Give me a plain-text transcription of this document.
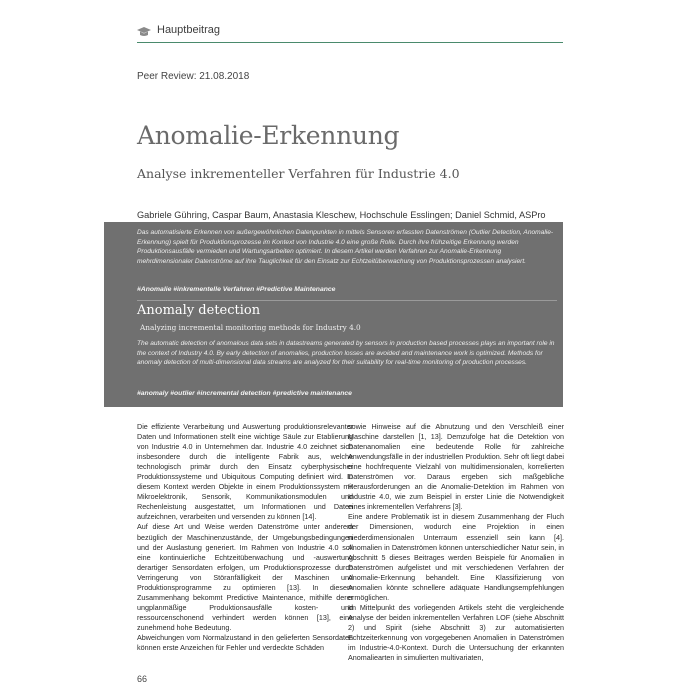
Hauptbeitrag
Peer Review: 21.08.2018
Anomalie-Erkennung
Analyse inkrementeller Verfahren für Industrie 4.0
Gabriele Gühring, Caspar Baum, Anastasia Kleschew, Hochschule Esslingen; Daniel Schmid, ASPro
Das automatisierte Erkennen von außergewöhnlichen Datenpunkten in mittels Sensoren erfassten Datenströmen (Outlier Detection, Anomalie-Erkennung) spielt für Produktionsprozesse im Kontext von Industrie 4.0 eine große Rolle. Durch ihre frühzeitige Erkennung werden Produktionsausfälle vermieden und Wartungsarbeiten optimiert. In diesem Artikel werden Verfahren zur Anomalie-Erkennung mehrdimensionaler Datenströme auf ihre Tauglichkeit für den Einsatz zur Echtzeitüberwachung von Produktionsprozessen analysiert.
#Anomalie #inkrementelle Verfahren #Predictive Maintenance
Anomaly detection
Analyzing incremental monitoring methods for Industry 4.0
The automatic detection of anomalous data sets in datastreams generated by sensors in production based processes plays an important role in the context of Industry 4.0. By early detection of anomalies, production losses are avoided and maintenance work is optimized. Methods for anomaly detection of multi-dimensional data streams are analyzed for their suitability for real-time monitoring of production processes.
#anomaly #outlier #incremental detection #predictive maintenance

Die effiziente Verarbeitung und Auswertung produktionsrelevanter Daten und Informationen stellt eine wichtige Säule zur Etablierung von Industrie 4.0 in Unternehmen dar. Industrie 4.0 zeichnet sich insbesondere durch die intelligente Fabrik aus, welche technologisch primär durch den Einsatz cyberphysischer Produktionssysteme und Ubiquitous Computing definiert wird. In diesem Kontext werden Objekte in einem Produktionssystem mit Mikroelektronik, Sensorik, Kommunikationsmodulen und Rechenleistung ausgestattet, um Informationen und Daten aufzeichnen, verarbeiten und versenden zu können [14].

Auf diese Art und Weise werden Datenströme unter anderem bezüglich der Maschinenzustände, der Umgebungsbedingungen und der Auslastung generiert. Im Rahmen von Industrie 4.0 soll eine kontinuierliche Echtzeitüberwachung und -auswertung derartiger Sensordaten erfolgen, um Produktionsprozesse durch Verringerung von Störanfälligkeit der Maschinen und Produktionsprogramme zu optimieren [13]. In diesem Zusammenhang bekommt Predictive Maintenance, mithilfe derer ungplanmäßige Produktionsausfälle kosten- und ressourcenschonend verhindert werden können [13], eine zunehmend hohe Bedeutung.

Abweichungen vom Normalzustand in den gelieferten Sensordaten können erste Anzeichen für Fehler und verdeckte Schäden

sowie Hinweise auf die Abnutzung und den Verschleiß einer Maschine darstellen [1, 13]. Demzufolge hat die Detektion von Datenanomalien eine bedeutende Rolle für zahlreiche Anwendungsfälle in der industriellen Produktion. Sehr oft liegt dabei eine hochfrequente Vielzahl von multidimensionalen, korrelierten Datenströmen vor. Daraus ergeben sich maßgebliche Herausforderungen an die Anomalie-Detektion im Rahmen von Industrie 4.0, wie zum Beispiel in erster Linie die Notwendigkeit eines inkrementellen Verfahrens [3].

Eine andere Problematik ist in diesem Zusammenhang der Fluch der Dimensionen, wodurch eine Projektion in einen niederdimensionalen Unterraum essenziell sein kann [4]. Anomalien in Datenströmen können unterschiedlicher Natur sein, in Abschnitt 5 dieses Beitrages werden Beispiele für Anomalien in Datenströmen aufgelistet und mit verschiedenen Verfahren der Anomalie-Erkennung behandelt. Eine Klassifizierung von Anomalien könnte schnellere adäquate Handlungsempfehlungen ermöglichen.

Im Mittelpunkt des vorliegenden Artikels steht die vergleichende Analyse der beiden inkrementellen Verfahren LOF (siehe Abschnitt 2) und Spirit (siehe Abschnitt 3) zur automatisierten Echtzeiterkennung von vorgegebenen Anomalien in Datenströmen im Industrie-4.0-Kontext. Durch die Untersuchung der erkannten Anomaliearten in simulierten multivariaten,

66
